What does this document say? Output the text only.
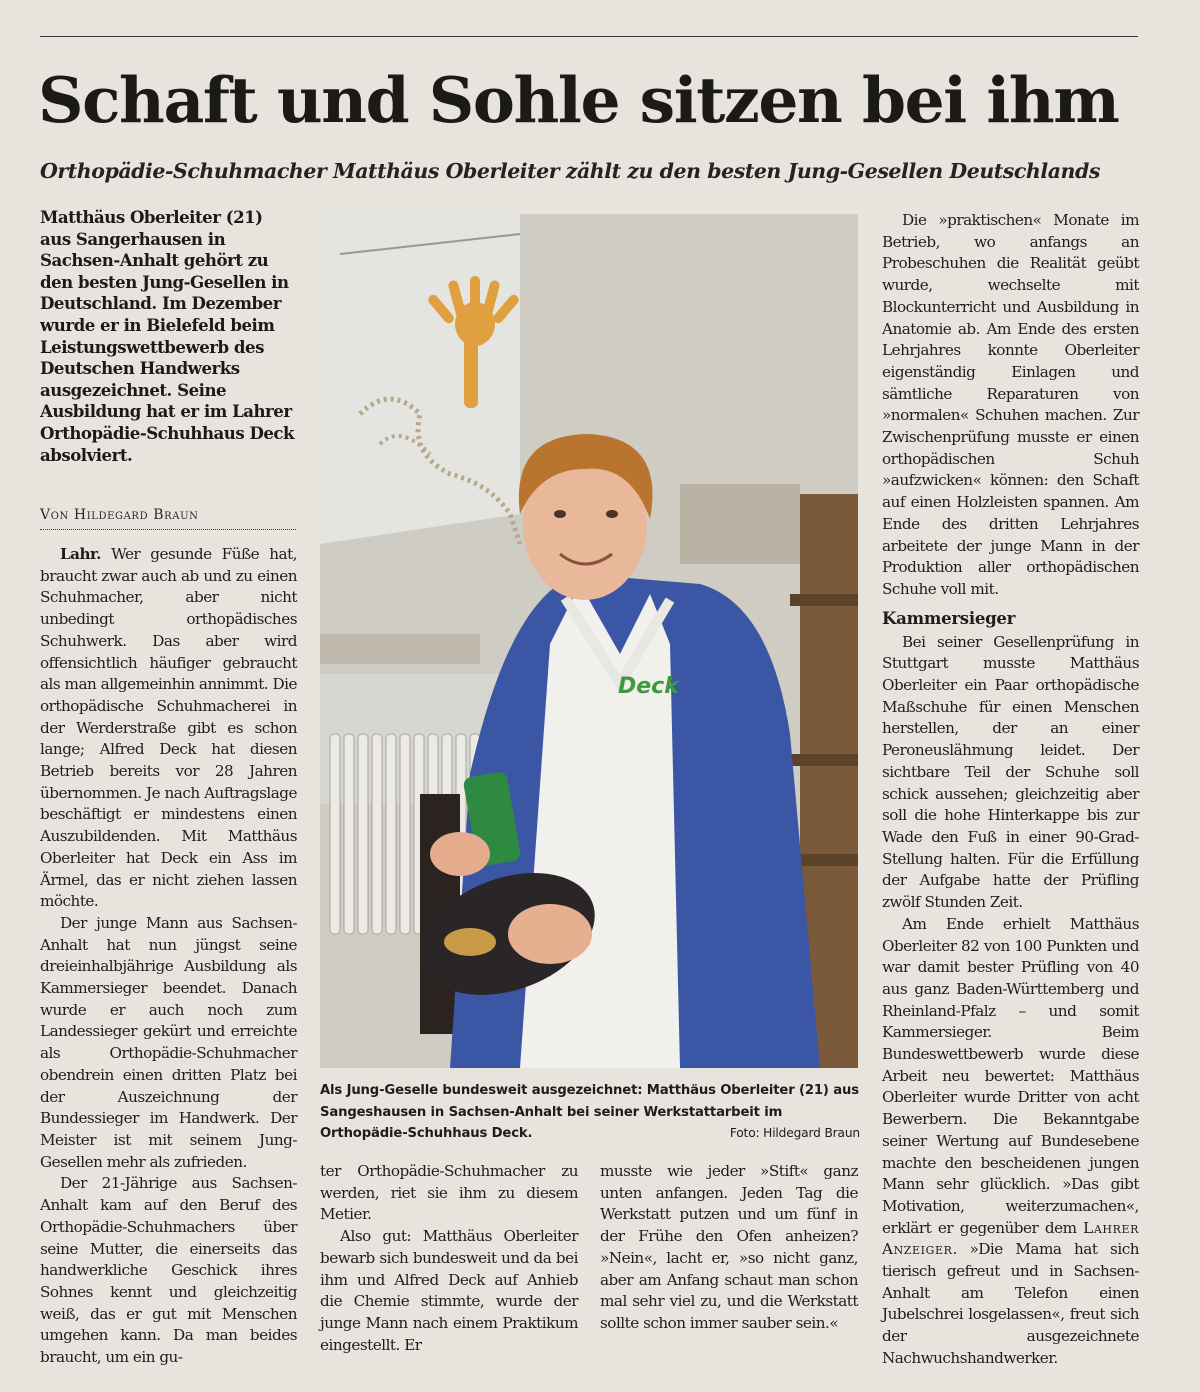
Schaft und Sohle sitzen bei ihm
Orthopädie-Schuhmacher Matthäus Oberleiter zählt zu den besten Jung-Gesellen Deutschlands

Matthäus Oberleiter (21) aus Sangerhausen in Sachsen-Anhalt gehört zu den besten Jung-Gesellen in Deutschland. Im Dezember wurde er in Bielefeld beim Leistungswettbewerb des Deutschen Handwerks ausgezeichnet. Seine Ausbildung hat er im Lahrer Orthopädie-Schuhhaus Deck absolviert.

Von Hildegard Braun

Lahr. Wer gesunde Füße hat, braucht zwar auch ab und zu einen Schuhmacher, aber nicht unbedingt orthopädisches Schuhwerk. Das aber wird offensichtlich häufiger gebraucht als man allgemeinhin annimmt. Die orthopädische Schuhmacherei in der Werderstraße gibt es schon lange; Alfred Deck hat diesen Betrieb bereits vor 28 Jahren übernommen. Je nach Auftragslage beschäftigt er mindestens einen Auszubildenden. Mit Matthäus Oberleiter hat Deck ein Ass im Ärmel, das er nicht ziehen lassen möchte.

Der junge Mann aus Sachsen-Anhalt hat nun jüngst seine dreieinhalbjährige Ausbildung als Kammersieger beendet. Danach wurde er auch noch zum Landessieger gekürt und erreichte als Orthopädie-Schuhmacher obendrein einen dritten Platz bei der Auszeichnung der Bundessieger im Handwerk. Der Meister ist mit seinem Jung-Gesellen mehr als zufrieden.

Der 21-Jährige aus Sachsen-Anhalt kam auf den Beruf des Orthopädie-Schuhmachers über seine Mutter, die einerseits das handwerkliche Geschick ihres Sohnes kennt und gleichzeitig weiß, das er gut mit Menschen umgehen kann. Da man beides braucht, um ein gu-

Deck

Als Jung-Geselle bundesweit ausgezeichnet: Matthäus Oberleiter (21) aus Sangeshausen in Sachsen-Anhalt bei seiner Werkstattarbeit im Orthopädie-Schuhhaus Deck.	Foto: Hildegard Braun

ter Orthopädie-Schuhmacher zu werden, riet sie ihm zu diesem Metier.

Also gut: Matthäus Oberleiter bewarb sich bundesweit und da bei ihm und Alfred Deck auf Anhieb die Chemie stimmte, wurde der junge Mann nach einem Praktikum eingestellt. Er

musste wie jeder »Stift« ganz unten anfangen. Jeden Tag die Werkstatt putzen und um fünf in der Frühe den Ofen anheizen? »Nein«, lacht er, »so nicht ganz, aber am Anfang schaut man schon mal sehr viel zu, und die Werkstatt sollte schon immer sauber sein.«

Die »praktischen« Monate im Betrieb, wo anfangs an Probeschuhen die Realität geübt wurde, wechselte mit Blockunterricht und Ausbildung in Anatomie ab. Am Ende des ersten Lehrjahres konnte Oberleiter eigenständig Einlagen und sämtliche Reparaturen von »normalen« Schuhen machen. Zur Zwischenprüfung musste er einen orthopädischen Schuh »aufzwicken« können: den Schaft auf einen Holzleisten spannen. Am Ende des dritten Lehrjahres arbeitete der junge Mann in der Produktion aller orthopädischen Schuhe voll mit.

Kammersieger

Bei seiner Gesellenprüfung in Stuttgart musste Matthäus Oberleiter ein Paar orthopädische Maßschuhe für einen Menschen herstellen, der an einer Peroneuslähmung leidet. Der sichtbare Teil der Schuhe soll schick aussehen; gleichzeitig aber soll die hohe Hinterkappe bis zur Wade den Fuß in einer 90-Grad-Stellung halten. Für die Erfüllung der Aufgabe hatte der Prüfling zwölf Stunden Zeit.

Am Ende erhielt Matthäus Oberleiter 82 von 100 Punkten und war damit bester Prüfling von 40 aus ganz Baden-Württemberg und Rheinland-Pfalz – und somit Kammersieger. Beim Bundeswettbewerb wurde diese Arbeit neu bewertet: Matthäus Oberleiter wurde Dritter von acht Bewerbern. Die Bekanntgabe seiner Wertung auf Bundesebene machte den bescheidenen jungen Mann sehr glücklich. »Das gibt Motivation, weiterzumachen«, erklärt er gegenüber dem Lahrer Anzeiger. »Die Mama hat sich tierisch gefreut und in Sachsen-Anhalt am Telefon einen Jubelschrei losgelassen«, freut sich der ausgezeichnete Nachwuchshandwerker.
